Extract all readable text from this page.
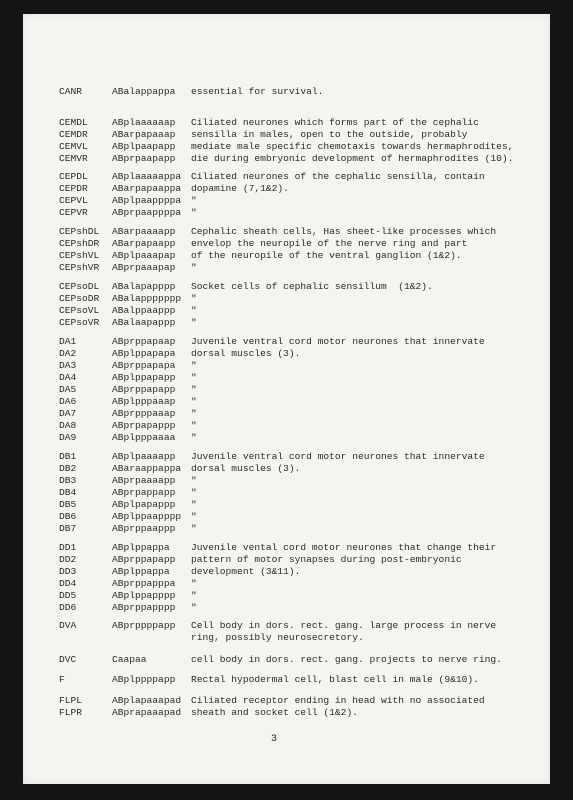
CANR	ABalappappa essential for survival.
CEMDL	ABplaaaaaap Ciliated neurones which forms part of the cephalic
CEMDR	ABarpapaaap sensilla in males, open to the outside, probably
CEMVL	ABplpaapapp mediate male specific chemotaxis towards hermaphrodites,
CEMVR	ABprpaapapp die during embryonic development of hermaphrodites (10).
CEPDL	ABplaaaaappa Ciliated neurones of the cephalic sensilla, contain
CEPDR	ABarpapaappa dopamine (7,1&2).
CEPVL	ABplpaappppa "
CEPVR	ABprpaappppa "
CEPshDL ABarpaaaapp Cephalic sheath cells, Has sheet-like processes which
CEPshDR ABarpapaapp envelop the neuropile of the nerve ring and part
CEPshVL ABplpaaapap of the neuropile of the ventral ganglion (1&2).
CEPshVR ABprpaaapap "
CEPsoDL ABalapapppp Socket cells of cephalic sensillum  (1&2).
CEPsoDR ABalappppppp "
CEPsoVL ABalppaappp "
CEPsoVR ABalaapappp "
DA1	ABprppapaap Juvenile ventral cord motor neurones that innervate
DA2	ABplppapapa dorsal muscles (3).
DA3	ABprppapapa "
DA4	ABplppapapp "
DA5	ABprppapapp "
DA6	ABplpppaaap "
DA7	ABprpppaaap "
DA8	ABprpapappp "
DA9	ABplpppaaaa "
DB1	ABplpaaaapp Juvenile ventral cord motor neurones that innervate
DB2	ABaraappappa dorsal muscles (3).
DB3	ABprpaaaapp "
DB4	ABprpappapp "
DB5	ABplpapappp "
DB6	ABplppaapppp "
DB7	ABprppaappp "
DD1	ABplppappa Juvenile vental cord motor neurones that change their
DD2	ABprppapapp pattern of motor synapses during post-embryonic
DD3	ABplppappa development (3&11).
DD4	ABprppapppa "
DD5	ABplppapppp "
DD6	ABprppapppp "
DVA	ABprppppapp Cell body in dors. rect. gang. large process in nerve
ring, possibly neurosecretory.
DVC	Caapaa	cell body in dors. rect. gang. projects to nerve ring.
F	ABplppppapp Rectal hypodermal cell, blast cell in male (9&10).
FLPL	ABplapaaapad Ciliated receptor ending in head with no associated
FLPR	ABprapaaapad sheath and socket cell (1&2).
3
